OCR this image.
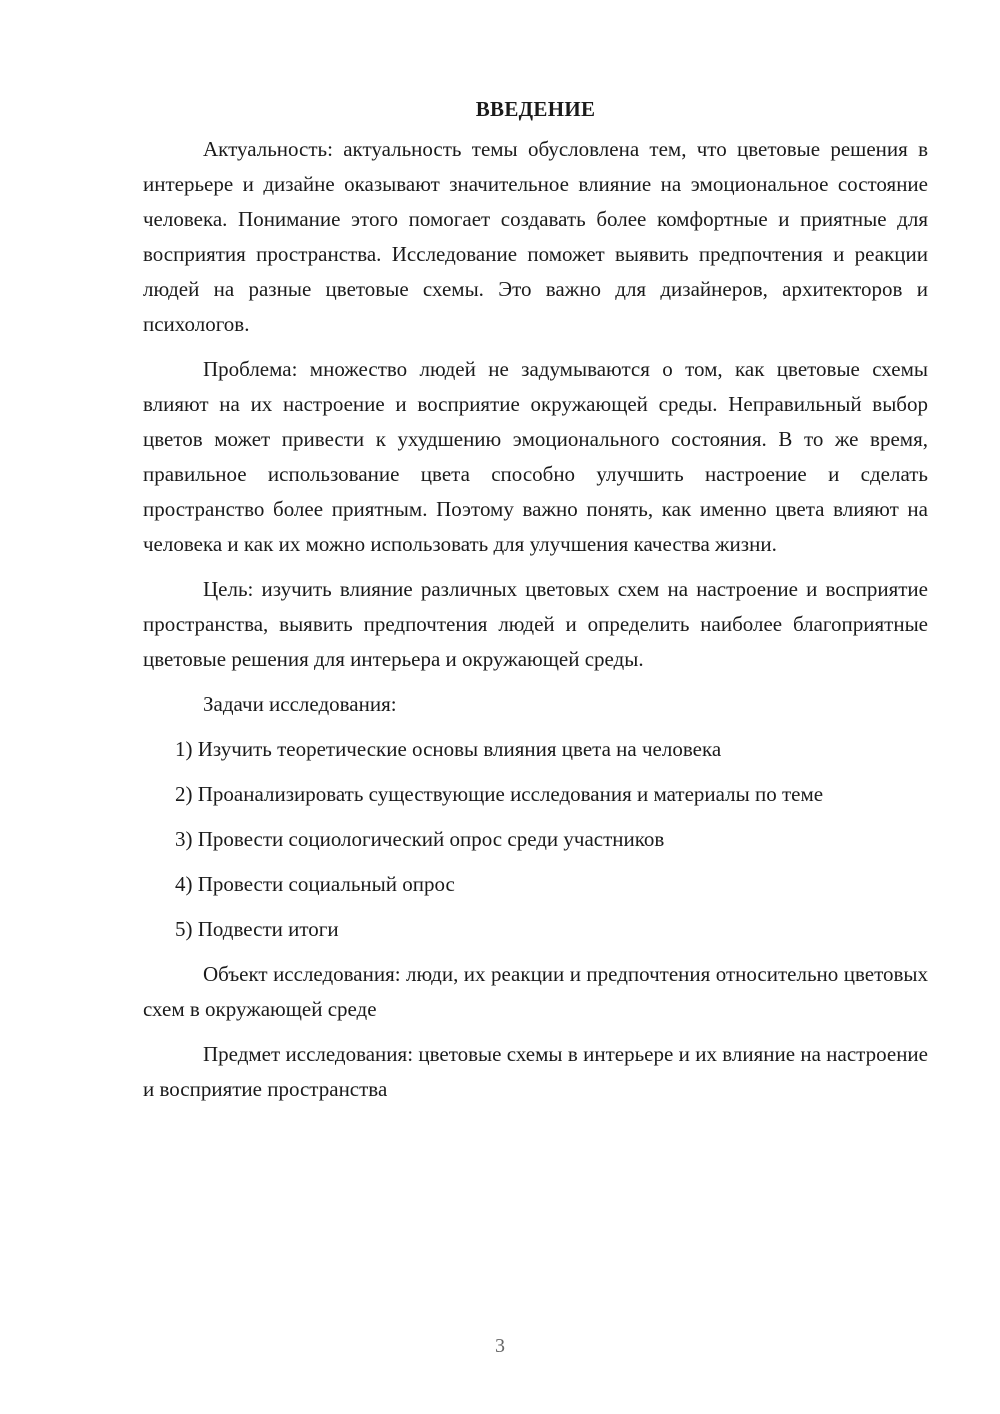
ВВЕДЕНИЕ

Актуальность: актуальность темы обусловлена тем, что цветовые решения в интерьере и дизайне оказывают значительное влияние на эмоциональное состояние человека. Понимание этого помогает создавать более комфортные и приятные для восприятия пространства. Исследование поможет выявить предпочтения и реакции людей на разные цветовые схемы. Это важно для дизайнеров, архитекторов и психологов.

Проблема: множество людей не задумываются о том, как цветовые схемы влияют на их настроение и восприятие окружающей среды. Неправильный выбор цветов может привести к ухудшению эмоционального состояния. В то же время, правильное использование цвета способно улучшить настроение и сделать пространство более приятным. Поэтому важно понять, как именно цвета влияют на человека и как их можно использовать для улучшения качества жизни.

Цель: изучить влияние различных цветовых схем на настроение и восприятие пространства, выявить предпочтения людей и определить наиболее благоприятные цветовые решения для интерьера и окружающей среды.

Задачи исследования:

1) Изучить теоретические основы влияния цвета на человека

2) Проанализировать существующие исследования и материалы по теме

3) Провести социологический опрос среди участников

4) Провести социальный опрос

5) Подвести итоги

Объект исследования: люди, их реакции и предпочтения относительно цветовых схем в окружающей среде

Предмет исследования: цветовые схемы в интерьере и их влияние на настроение и восприятие пространства

3
